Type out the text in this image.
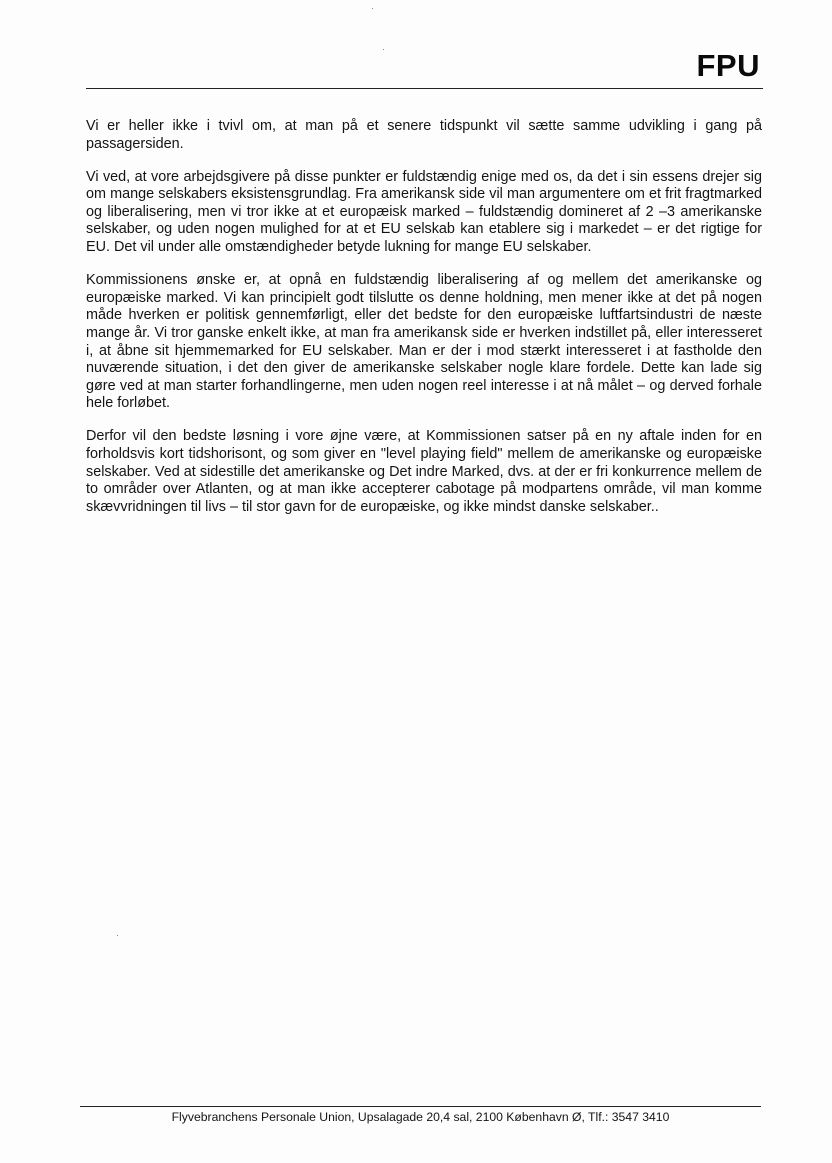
FPU

Vi er heller ikke i tvivl om, at man på et senere tidspunkt vil sætte samme udvikling i gang på passagersiden.

Vi ved, at vore arbejdsgivere på disse punkter er fuldstændig enige med os, da det i sin essens drejer sig om mange selskabers eksistensgrundlag. Fra amerikansk side vil man argumentere om et frit fragtmarked og liberalisering, men vi tror ikke at et europæisk marked – fuldstændig domineret af 2 –3 amerikanske selskaber, og uden nogen mulighed for at et EU selskab kan etablere sig i markedet – er det rigtige for EU. Det vil under alle omstændigheder betyde lukning for mange EU selskaber.

Kommissionens ønske er, at opnå en fuldstændig liberalisering af og mellem det amerikanske og europæiske marked. Vi kan principielt godt tilslutte os denne holdning, men mener ikke at det på nogen måde hverken er politisk gennemførligt, eller det bedste for den europæiske luftfartsindustri de næste mange år. Vi tror ganske enkelt ikke, at man fra amerikansk side er hverken indstillet på, eller interesseret i, at åbne sit hjemmemarked for EU selskaber. Man er der i mod stærkt interesseret i at fastholde den nuværende situation, i det den giver de amerikanske selskaber nogle klare fordele. Dette kan lade sig gøre ved at man starter forhandlingerne, men uden nogen reel interesse i at nå målet – og derved forhale hele forløbet.

Derfor vil den bedste løsning i vore øjne være, at Kommissionen satser på en ny aftale inden for en forholdsvis kort tidshorisont, og som giver en "level playing field" mellem de amerikanske og europæiske selskaber. Ved at sidestille det amerikanske og Det indre Marked, dvs. at der er fri konkurrence mellem de to områder over Atlanten, og at man ikke accepterer cabotage på modpartens område, vil man komme skævvridningen til livs – til stor gavn for de europæiske, og ikke mindst danske selskaber..

Flyvebranchens Personale Union, Upsalagade 20,4 sal, 2100 København Ø, Tlf.: 3547 3410
